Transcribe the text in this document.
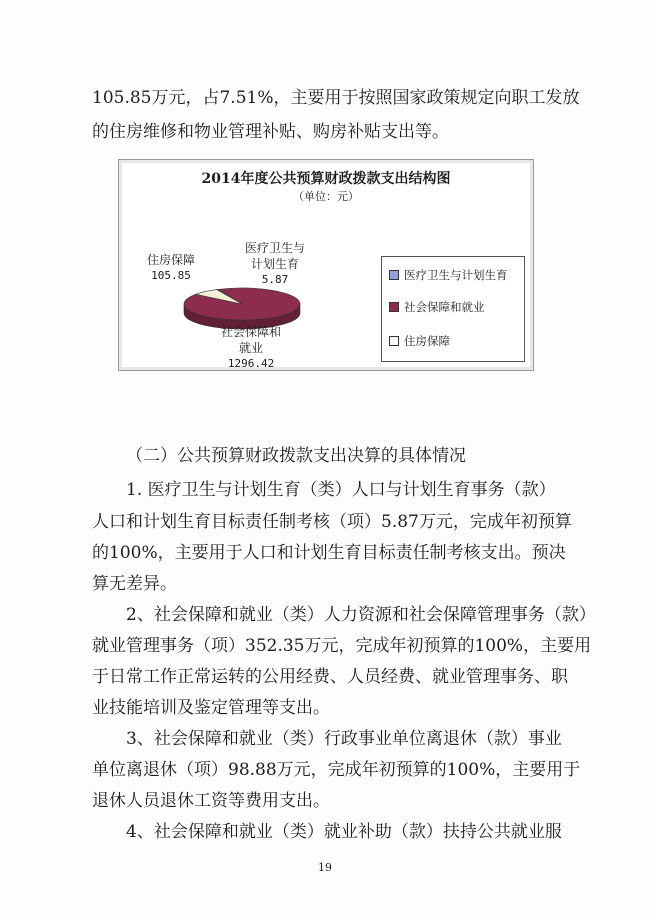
105.85万元，占7.51%，主要用于按照国家政策规定向职工发放
的住房维修和物业管理补贴、购房补贴支出等。
2014年度公共预算财政拨款支出结构图
（单位：元）
住房保障
105.85
医疗卫生与
计划生育
5.87
社会保障和
就业
1296.42
医疗卫生与计划生育
社会保障和就业
住房保障
（二）公共预算财政拨款支出决算的具体情况
1. 医疗卫生与计划生育（类）人口与计划生育事务（款）
人口和计划生育目标责任制考核（项）5.87万元，完成年初预算
的100%，主要用于人口和计划生育目标责任制考核支出。预决
算无差异。
2、社会保障和就业（类）人力资源和社会保障管理事务（款）
就业管理事务（项）352.35万元，完成年初预算的100%，主要用
于日常工作正常运转的公用经费、人员经费、就业管理事务、职
业技能培训及鉴定管理等支出。
3、社会保障和就业（类）行政事业单位离退休（款）事业
单位离退休（项）98.88万元，完成年初预算的100%，主要用于
退休人员退休工资等费用支出。
4、社会保障和就业（类）就业补助（款）扶持公共就业服
19
